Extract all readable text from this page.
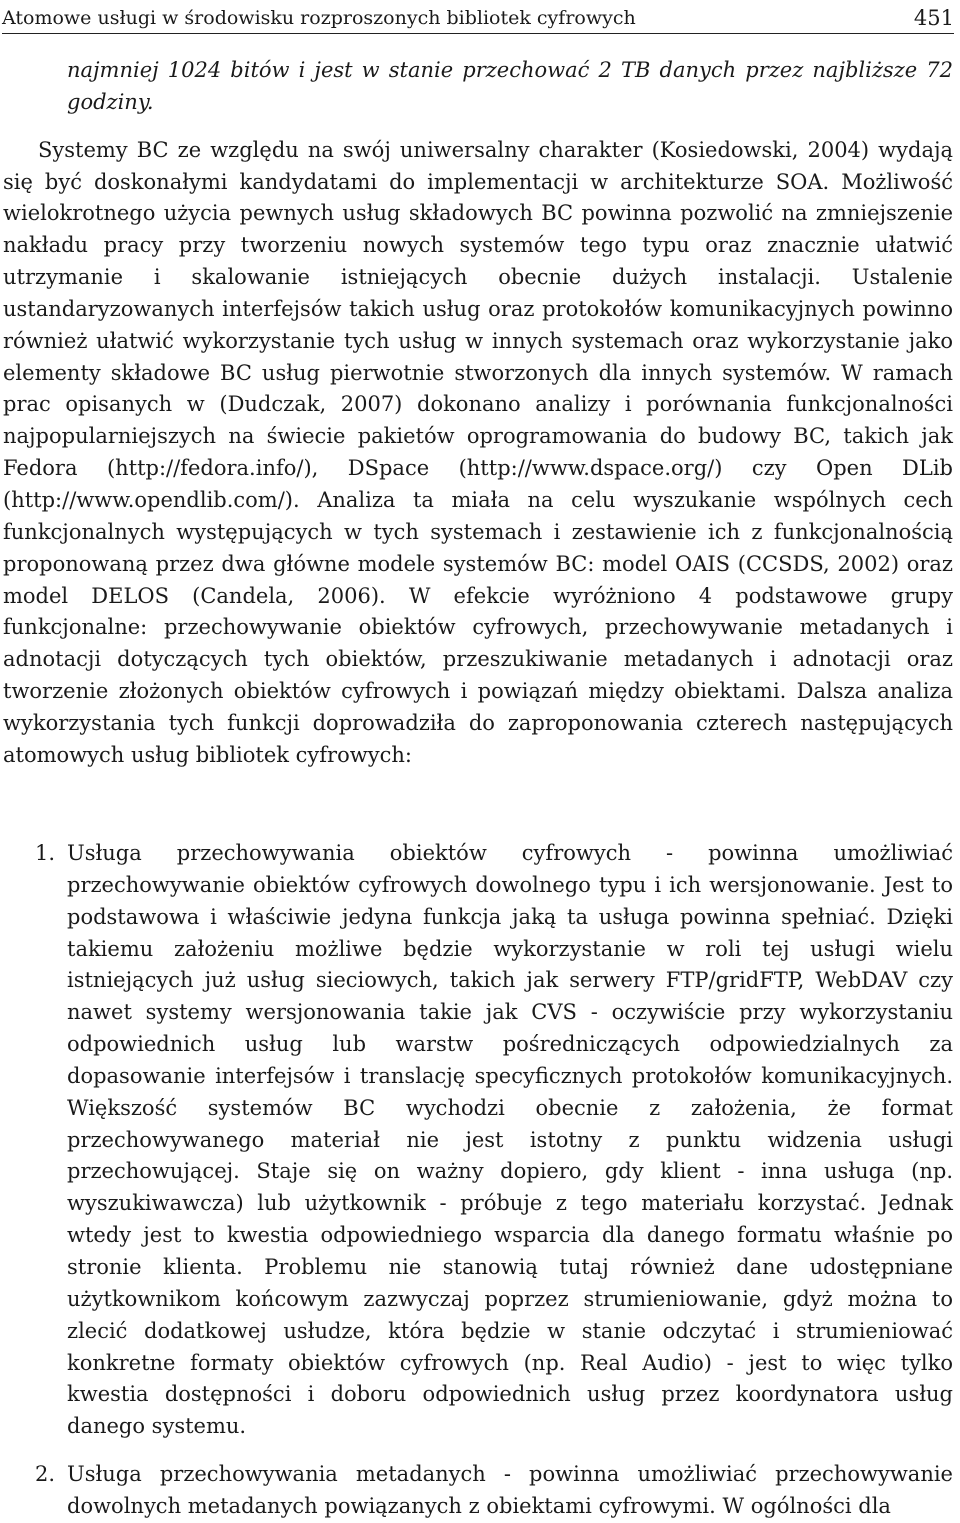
Atomowe usługi w środowisku rozproszonych bibliotek cyfrowych	451

najmniej 1024 bitów i jest w stanie przechować 2 TB danych przez najbliższe 72 godziny.

Systemy BC ze względu na swój uniwersalny charakter (Kosiedowski, 2004) wydają się być doskonałymi kandydatami do implementacji w architekturze SOA. Możliwość wielokrotnego użycia pewnych usług składowych BC powinna pozwolić na zmniejszenie nakładu pracy przy tworzeniu nowych systemów tego typu oraz znacznie ułatwić utrzymanie i skalowanie istniejących obecnie dużych instalacji. Ustalenie ustandaryzowanych interfejsów takich usług oraz protokołów komunikacyjnych powinno również ułatwić wykorzystanie tych usług w innych systemach oraz wykorzystanie jako elementy składowe BC usług pierwotnie stworzonych dla innych systemów. W ramach prac opisanych w (Dudczak, 2007) dokonano analizy i porównania funkcjonalności najpopularniejszych na świecie pakietów oprogramowania do budowy BC, takich jak Fedora (http://fedora.info/), DSpace (http://www.dspace.org/) czy Open DLib (http://www.opendlib.com/). Analiza ta miała na celu wyszukanie wspólnych cech funkcjonalnych występujących w tych systemach i zestawienie ich z funkcjonalnością proponowaną przez dwa główne modele systemów BC: model OAIS (CCSDS, 2002) oraz model DELOS (Candela, 2006). W efekcie wyróżniono 4 podstawowe grupy funkcjonalne: przechowywanie obiektów cyfrowych, przechowywanie metadanych i adnotacji dotyczących tych obiektów, przeszukiwanie metadanych i adnotacji oraz tworzenie złożonych obiektów cyfrowych i powiązań między obiektami. Dalsza analiza wykorzystania tych funkcji doprowadziła do zaproponowania czterech następujących atomowych usług bibliotek cyfrowych:

1. Usługa przechowywania obiektów cyfrowych - powinna umożliwiać przechowywanie obiektów cyfrowych dowolnego typu i ich wersjonowanie. Jest to podstawowa i właściwie jedyna funkcja jaką ta usługa powinna spełniać. Dzięki takiemu założeniu możliwe będzie wykorzystanie w roli tej usługi wielu istniejących już usług sieciowych, takich jak serwery FTP/gridFTP, WebDAV czy nawet systemy wersjonowania takie jak CVS - oczywiście przy wykorzystaniu odpowiednich usług lub warstw pośredniczących odpowiedzialnych za dopasowanie interfejsów i translację specyficznych protokołów komunikacyjnych. Większość systemów BC wychodzi obecnie z założenia, że format przechowywanego materiał nie jest istotny z punktu widzenia usługi przechowującej. Staje się on ważny dopiero, gdy klient - inna usługa (np. wyszukiwawcza) lub użytkownik - próbuje z tego materiału korzystać. Jednak wtedy jest to kwestia odpowiedniego wsparcia dla danego formatu właśnie po stronie klienta. Problemu nie stanowią tutaj również dane udostępniane użytkownikom końcowym zazwyczaj poprzez strumieniowanie, gdyż można to zlecić dodatkowej usłudze, która będzie w stanie odczytać i strumieniować konkretne formaty obiektów cyfrowych (np. Real Audio) - jest to więc tylko kwestia dostępności i doboru odpowiednich usług przez koordynatora usług danego systemu.
2. Usługa przechowywania metadanych - powinna umożliwiać przechowywanie dowolnych metadanych powiązanych z obiektami cyfrowymi. W ogólności dla
